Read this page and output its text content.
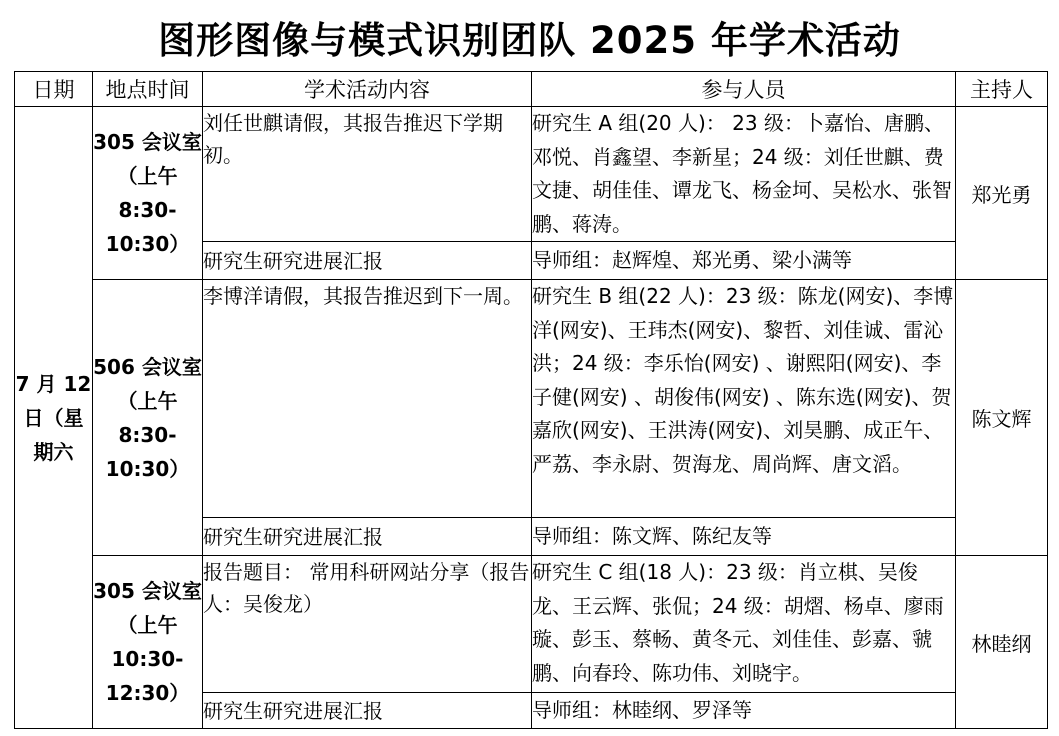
图形图像与模式识别团队 2025 年学术活动
日期	地点时间	学术活动内容	参与人员	主持人
7 月 12 日（星期六	305 会议室（上午 8:30-10:30）	刘任世麒请假，其报告推迟下学期初。	研究生 A 组(20 人)： 23 级：卜嘉怡、唐鹏、邓悦、肖鑫望、李新星；24 级：刘任世麒、费文捷、胡佳佳、谭龙飞、杨金坷、吴松水、张智鹏、蒋涛。	郑光勇
		研究生研究进展汇报	导师组：赵辉煌、郑光勇、梁小满等	
	506 会议室（上午 8:30-10:30）	李博洋请假，其报告推迟到下一周。	研究生 B 组(22 人)：23 级：陈龙(网安)、李博洋(网安)、王玮杰(网安)、黎哲、刘佳诚、雷沁洪；24 级：李乐怡(网安) 、谢熙阳(网安)、李子健(网安) 、胡俊伟(网安) 、陈东选(网安)、贺嘉欣(网安)、王洪涛(网安)、刘昊鹏、成正午、严荔、李永尉、贺海龙、周尚辉、唐文滔。	陈文辉
		研究生研究进展汇报	导师组：陈文辉、陈纪友等	
	305 会议室（上午 10:30-12:30）	报告题目： 常用科研网站分享（报告人：吴俊龙）	研究生 C 组(18 人)：23 级：肖立棋、吴俊龙、王云辉、张侃；24 级：胡熠、杨卓、廖雨璇、彭玉、蔡畅、黄冬元、刘佳佳、彭嘉、虢鹏、向春玲、陈功伟、刘晓宇。	林睦纲
		研究生研究进展汇报	导师组：林睦纲、罗泽等	
